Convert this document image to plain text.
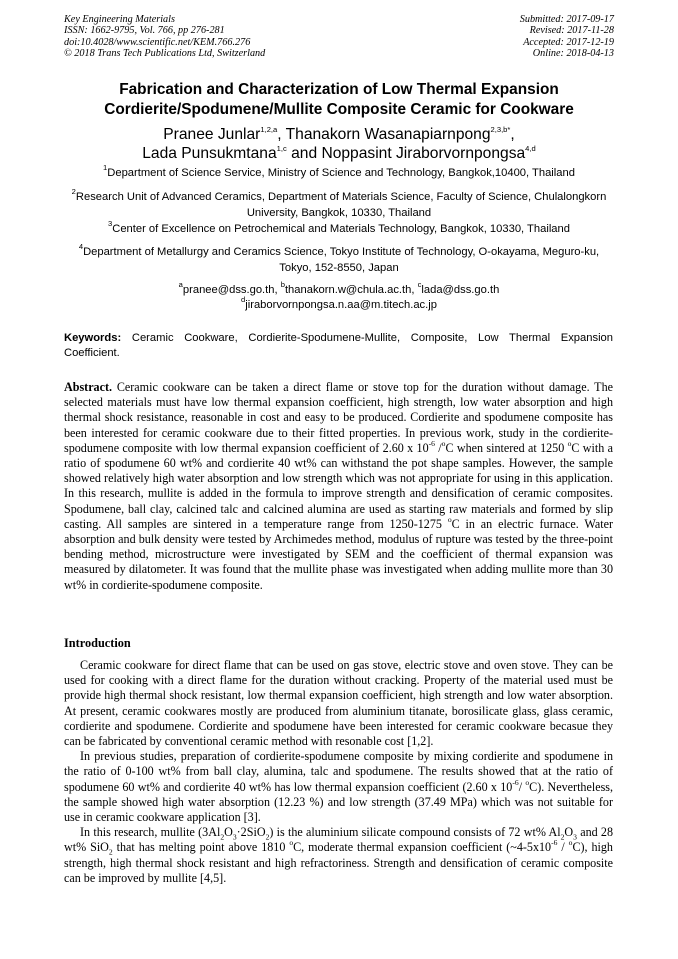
Key Engineering Materials
ISSN: 1662-9795, Vol. 766, pp 276-281
doi:10.4028/www.scientific.net/KEM.766.276
© 2018 Trans Tech Publications Ltd, Switzerland
Submitted: 2017-09-17
Revised: 2017-11-28
Accepted: 2017-12-19
Online: 2018-04-13
Fabrication and Characterization of Low Thermal Expansion
Cordierite/Spodumene/Mullite Composite Ceramic for Cookware
Pranee Junlar$^{1,2,a}$, Thanakorn Wasanapiarnpong$^{2,3,b*}$,
Lada Punsukmtana$^{1,c}$ and Noppasint Jiraborvornpongsa$^{4,d}$
$^1$Department of Science Service, Ministry of Science and Technology, Bangkok,10400, Thailand
$^2$Research Unit of Advanced Ceramics, Department of Materials Science, Faculty of Science, Chulalongkorn University, Bangkok, 10330, Thailand
$^3$Center of Excellence on Petrochemical and Materials Technology, Bangkok, 10330, Thailand
$^4$Department of Metallurgy and Ceramics Science, Tokyo Institute of Technology, O-okayama, Meguro-ku, Tokyo, 152-8550, Japan
$^a$pranee@dss.go.th, $^b$thanakorn.w@chula.ac.th, $^c$lada@dss.go.th
$^d$jiraborvornpongsa.n.aa@m.titech.ac.jp
Keywords: Ceramic Cookware, Cordierite-Spodumene-Mullite, Composite, Low Thermal Expansion Coefficient.
Abstract. Ceramic cookware can be taken a direct flame or stove top for the duration without damage. The selected materials must have low thermal expansion coefficient, high strength, low water absorption and high thermal shock resistance, reasonable in cost and easy to be produced. Cordierite and spodumene composite has been interested for ceramic cookware due to their fitted properties. In previous work, study in the cordierite-spodumene composite with low thermal expansion coefficient of 2.60 x $10^{-6}$ /$^o$C when sintered at 1250 $^o$C with a ratio of spodumene 60 wt% and cordierite 40 wt% can withstand the pot shape samples. However, the sample showed relatively high water absorption and low strength which was not appropriate for using in this application. In this research, mullite is added in the formula to improve strength and densification of ceramic composites. Spodumene, ball clay, calcined talc and calcined alumina are used as starting raw materials and formed by slip casting. All samples are sintered in a temperature range from 1250-1275 $^o$C in an electric furnace. Water absorption and bulk density were tested by Archimedes method, modulus of rupture was tested by the three-point bending method, microstructure were investigated by SEM and the coefficient of thermal expansion was measured by dilatometer. It was found that the mullite phase was investigated when adding mullite more than 30 wt% in cordierite-spodumene composite.
Introduction

Ceramic cookware for direct flame that can be used on gas stove, electric stove and oven stove. They can be used for cooking with a direct flame for the duration without cracking. Property of the material used must be provide high thermal shock resistant, low thermal expansion coefficient, high strength and low water absorption. At present, ceramic cookwares mostly are produced from aluminium titanate, borosilicate glass, glass ceramic, cordierite and spodumene. Cordierite and spodumene have been interested for ceramic cookware becasue they can be fabricated by conventional ceramic method with resonable cost [1,2].

In previous studies, preparation of cordierite-spodumene composite by mixing cordierite and spodumene in the ratio of 0-100 wt% from ball clay, alumina, talc and spodumene. The results showed that at the ratio of spodumene 60 wt% and cordierite 40 wt% has low thermal expansion coefficient (2.60 x $10^{-6}/$ $^o$C). Nevertheless, the sample showed high water absorption (12.23 %) and low strength (37.49 MPa) which was not suitable for use in ceramic cookware application [3].

In this research, mullite $(3Al_2O_3\cdot 2SiO_2)$ is the aluminium silicate compound consists of 72 wt% $Al_2O_3$ and 28 wt% SiO$_2$ that has melting point above 1810 $^o$C, moderate thermal expansion coefficient $(\sim 4-5x10^{-6} / ^oC)$, high strength, high thermal shock resistant and high refractoriness. Strength and densification of ceramic composite can be improved by mullite [4,5].
